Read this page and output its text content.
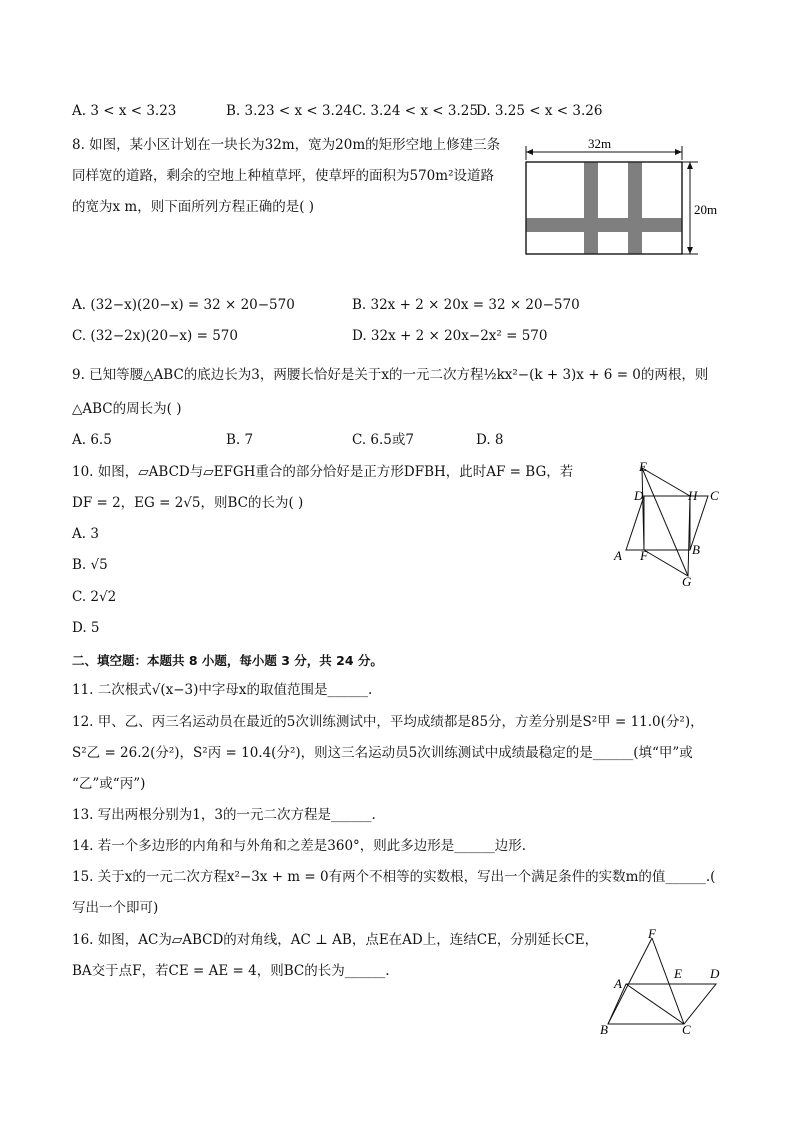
A. 3 < x < 3.23	B. 3.23 < x < 3.24 C. 3.24 < x < 3.25
D. 3.25 < x < 3.26
8. 如图，某小区计划在一块长为32m，宽为20m的矩形空地上修建三条
同样宽的道路，剩余的空地上种植草坪，使草坪的面积为570m²设道路
的宽为x m，则下面所列方程正确的是( )
32m
20m
A. (32−x)(20−x) = 32 × 20−570	B. 32x + 2 × 20x = 32 × 20−570
C. (32−2x)(20−x) = 570	D. 32x + 2 × 20x−2x² = 570
9. 已知等腰△ABC的底边长为3，两腰长恰好是关于x的一元二次方程½kx²−(k + 3)x + 6 = 0的两根，则
△ABC的周长为( )
A. 6.5	B. 7	C. 6.5或7	D. 8
10. 如图，▱ABCD与▱EFGH重合的部分恰好是正方形DFBH，此时AF = BG，若
DF = 2，EG = 2√5，则BC的长为( )
A. 3
B. √5
C. 2√2
D. 5
E
D	H C
A F	B
G
二、填空题：本题共 8 小题，每小题 3 分，共 24 分。
11. 二次根式√(x−3)中字母x的取值范围是______.
12. 甲、乙、丙三名运动员在最近的5次训练测试中，平均成绩都是85分，方差分别是S²甲 = 11.0(分²)，
S²乙 = 26.2(分²)，S²丙 = 10.4(分²)，则这三名运动员5次训练测试中成绩最稳定的是______(填“甲”或
“乙”或“丙”)
13. 写出两根分别为1，3的一元二次方程是______.
14. 若一个多边形的内角和与外角和之差是360°，则此多边形是______边形.
15. 关于x的一元二次方程x²−3x + m = 0有两个不相等的实数根，写出一个满足条件的实数m的值______.(
写出一个即可)
16. 如图，AC为▱ABCD的对角线，AC ⊥ AB，点E在AD上，连结CE，分别延长CE，
BA交于点F，若CE = AE = 4，则BC的长为______.
F
A
E D
B	C
